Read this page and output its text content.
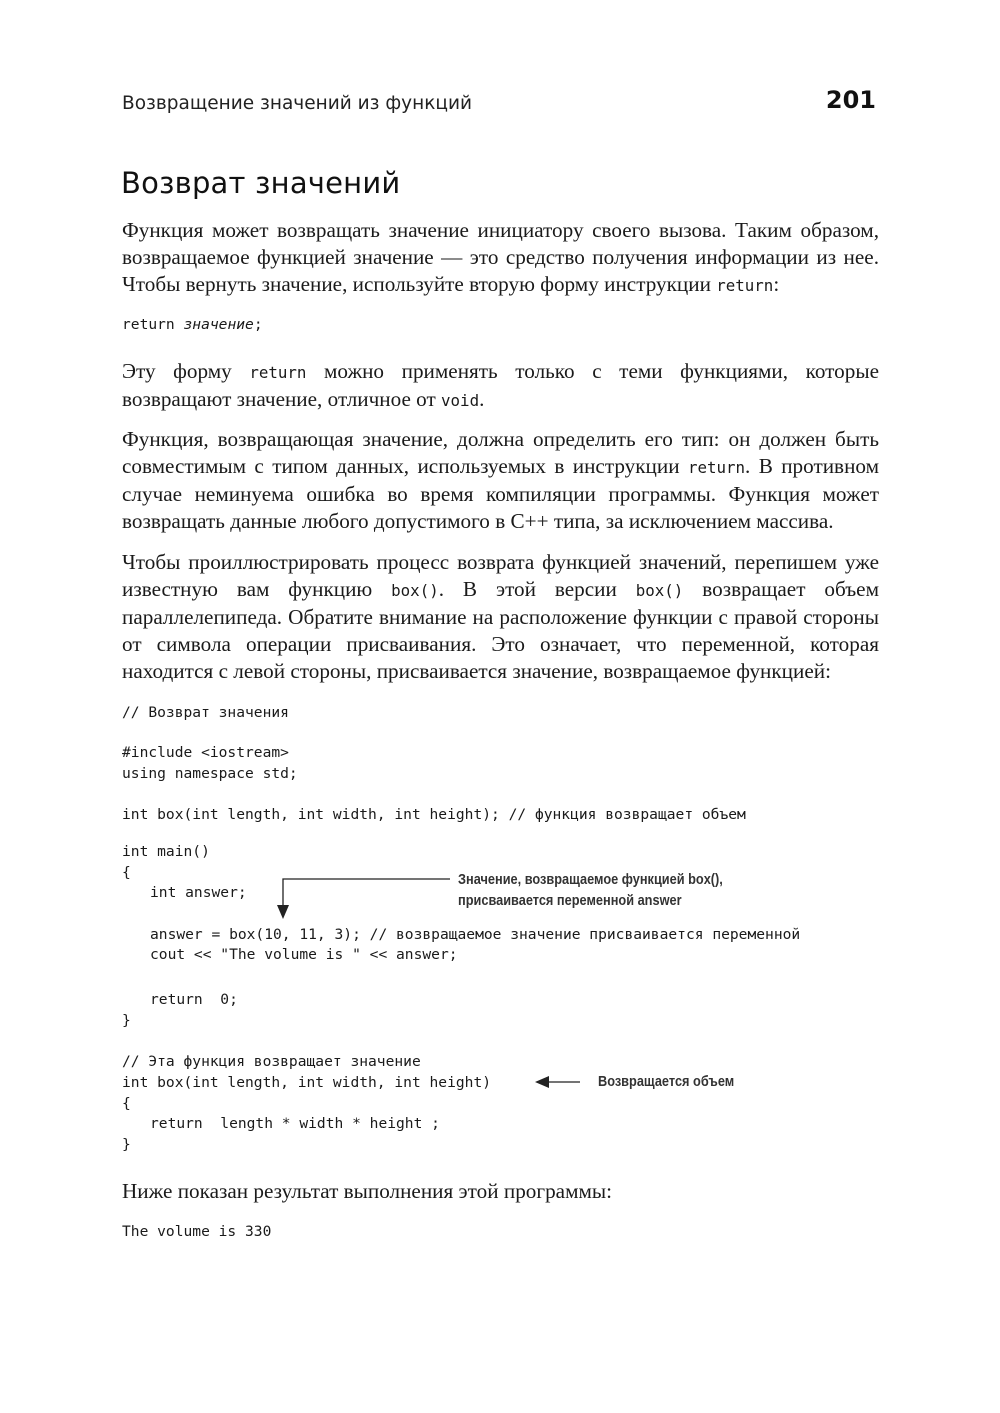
Возвращение значений из функций	201
Возврат значений

Функция может возвращать значение инициатору своего вызова. Таким образом, возвращаемое функцией значение — это средство получения информации из нее. Чтобы вернуть значение, используйте вторую форму инструкции return:

return значение;

Эту форму return можно применять только с теми функциями, которые возвращают значение, отличное от void.

Функция, возвращающая значение, должна определить его тип: он должен быть совместимым с типом данных, используемых в инструкции return. В противном случае неминуема ошибка во время компиляции программы. Функция может возвращать данные любого допустимого в C++ типа, за исключением массива.

Чтобы проиллюстрировать процесс возврата функцией значений, перепишем уже известную вам функцию box(). В этой версии box() возвращает объем параллелепипеда. Обратите внимание на расположение функции с правой стороны от символа операции присваивания. Это означает, что переменной, которая находится с левой стороны, присваивается значение, возвращаемое функцией:

// Возврат значения
#include <iostream>
using namespace std;
int box(int length, int width, int height); // функция возвращает объем
int main()
{
int answer;
answer = box(10, 11, 3); // возвращаемое значение присваивается переменной
cout << "The volume is " << answer;
return  0;
}
// Эта функция возвращает значение
int box(int length, int width, int height)
{
return  length * width * height ;
}
Значение, возвращаемое функцией box(),
присваивается переменной answer
Возвращается объем

Ниже показан результат выполнения этой программы:

The volume is 330
